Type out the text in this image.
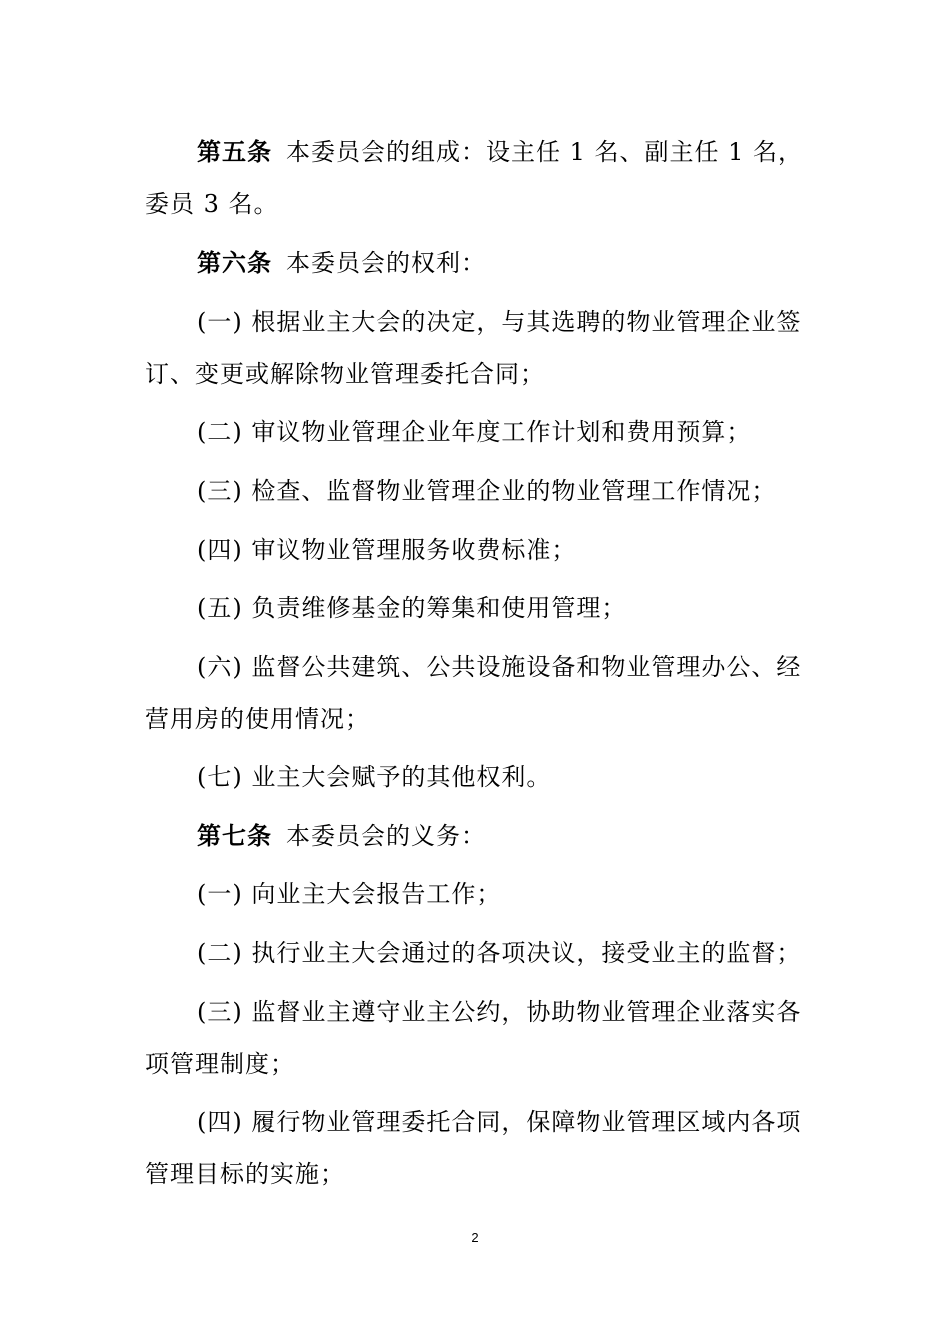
第五条 本委员会的组成：设主任 1 名、副主任 1 名，委员 3 名。

第六条 本委员会的权利：

(一) 根据业主大会的决定，与其选聘的物业管理企业签订、变更或解除物业管理委托合同；

(二) 审议物业管理企业年度工作计划和费用预算；

(三) 检查、监督物业管理企业的物业管理工作情况；

(四) 审议物业管理服务收费标准；

(五) 负责维修基金的筹集和使用管理；

(六) 监督公共建筑、公共设施设备和物业管理办公、经营用房的使用情况；

(七) 业主大会赋予的其他权利。

第七条 本委员会的义务：

(一) 向业主大会报告工作；

(二) 执行业主大会通过的各项决议，接受业主的监督；

(三) 监督业主遵守业主公约，协助物业管理企业落实各项管理制度；

(四) 履行物业管理委托合同，保障物业管理区域内各项管理目标的实施；

2
